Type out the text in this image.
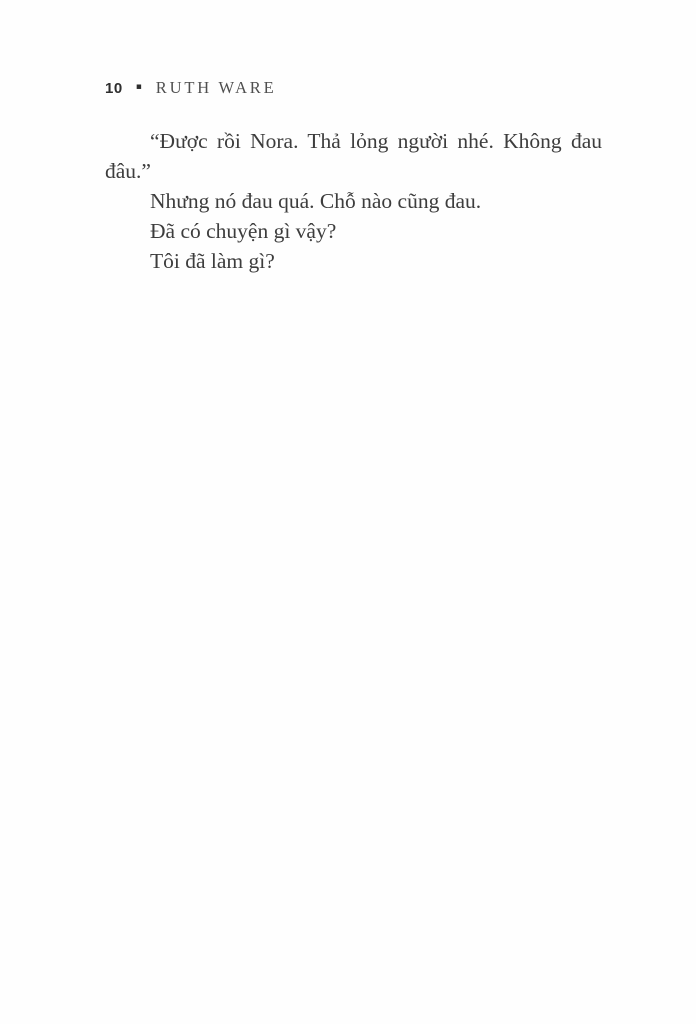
10 ▪ RUTH WARE

“Được rồi Nora. Thả lỏng người nhé. Không đau đâu.”

Nhưng nó đau quá. Chỗ nào cũng đau.

Đã có chuyện gì vậy?

Tôi đã làm gì?
